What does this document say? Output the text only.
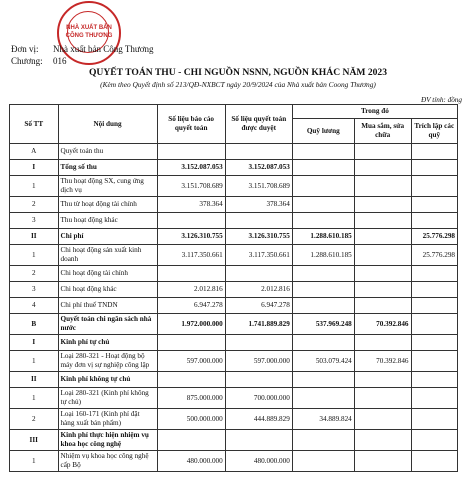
NHÀ XUẤT BẢN
CÔNG THƯƠNG
Đơn vị: Nhà xuất bản Công Thương
Chương: 016
QUYẾT TOÁN THU - CHI NGUỒN NSNN, NGUỒN KHÁC NĂM 2023
(Kèm theo Quyết định số 213/QĐ-NXBCT ngày 20/9/2024 của Nhà xuất bản Coong Thương)
ĐV tính: đồng
Số TT	Nội dung	Số liệu báo cáo quyết toán	Số liệu quyết toán được duyệt	Trong đó		
				Quỹ lương	Mua sắm, sửa chữa	Trích lập các quỹ
A	Quyết toán thu					
I	Tổng số thu	3.152.087.053	3.152.087.053			
1	Thu hoạt động SX, cung ứng dịch vụ	3.151.708.689	3.151.708.689			
2	Thu từ hoạt động tài chính	378.364	378.364			
3	Thu hoạt động khác					
II	Chi phí	3.126.310.755	3.126.310.755	1.288.610.185		25.776.298
1	Chi hoạt động sản xuất kinh doanh	3.117.350.661	3.117.350.661	1.288.610.185		25.776.298
2	Chi hoạt động tài chính					
3	Chi hoạt động khác	2.012.816	2.012.816			
4	Chi phí thuế TNDN	6.947.278	6.947.278			
B	Quyết toán chi ngân sách nhà nước	1.972.000.000	1.741.889.829	537.969.248	70.392.846	
I	Kinh phí tự chủ					
1	Loại 280-321 - Hoạt động bộ máy đơn vị sự nghiệp công lập	597.000.000	597.000.000	503.079.424	70.392.846	
II	Kinh phí không tự chủ					
1	Loại 280-321 (Kinh phí không tự chủ)	875.000.000	700.000.000			
2	Loại 160-171 (Kinh phí đặt hàng xuất bản phẩm)	500.000.000	444.889.829	34.889.824		
III	Kinh phí thực hiện nhiệm vụ khoa học công nghệ					
1	Nhiệm vụ khoa học công nghệ cấp Bộ	480.000.000	480.000.000			
